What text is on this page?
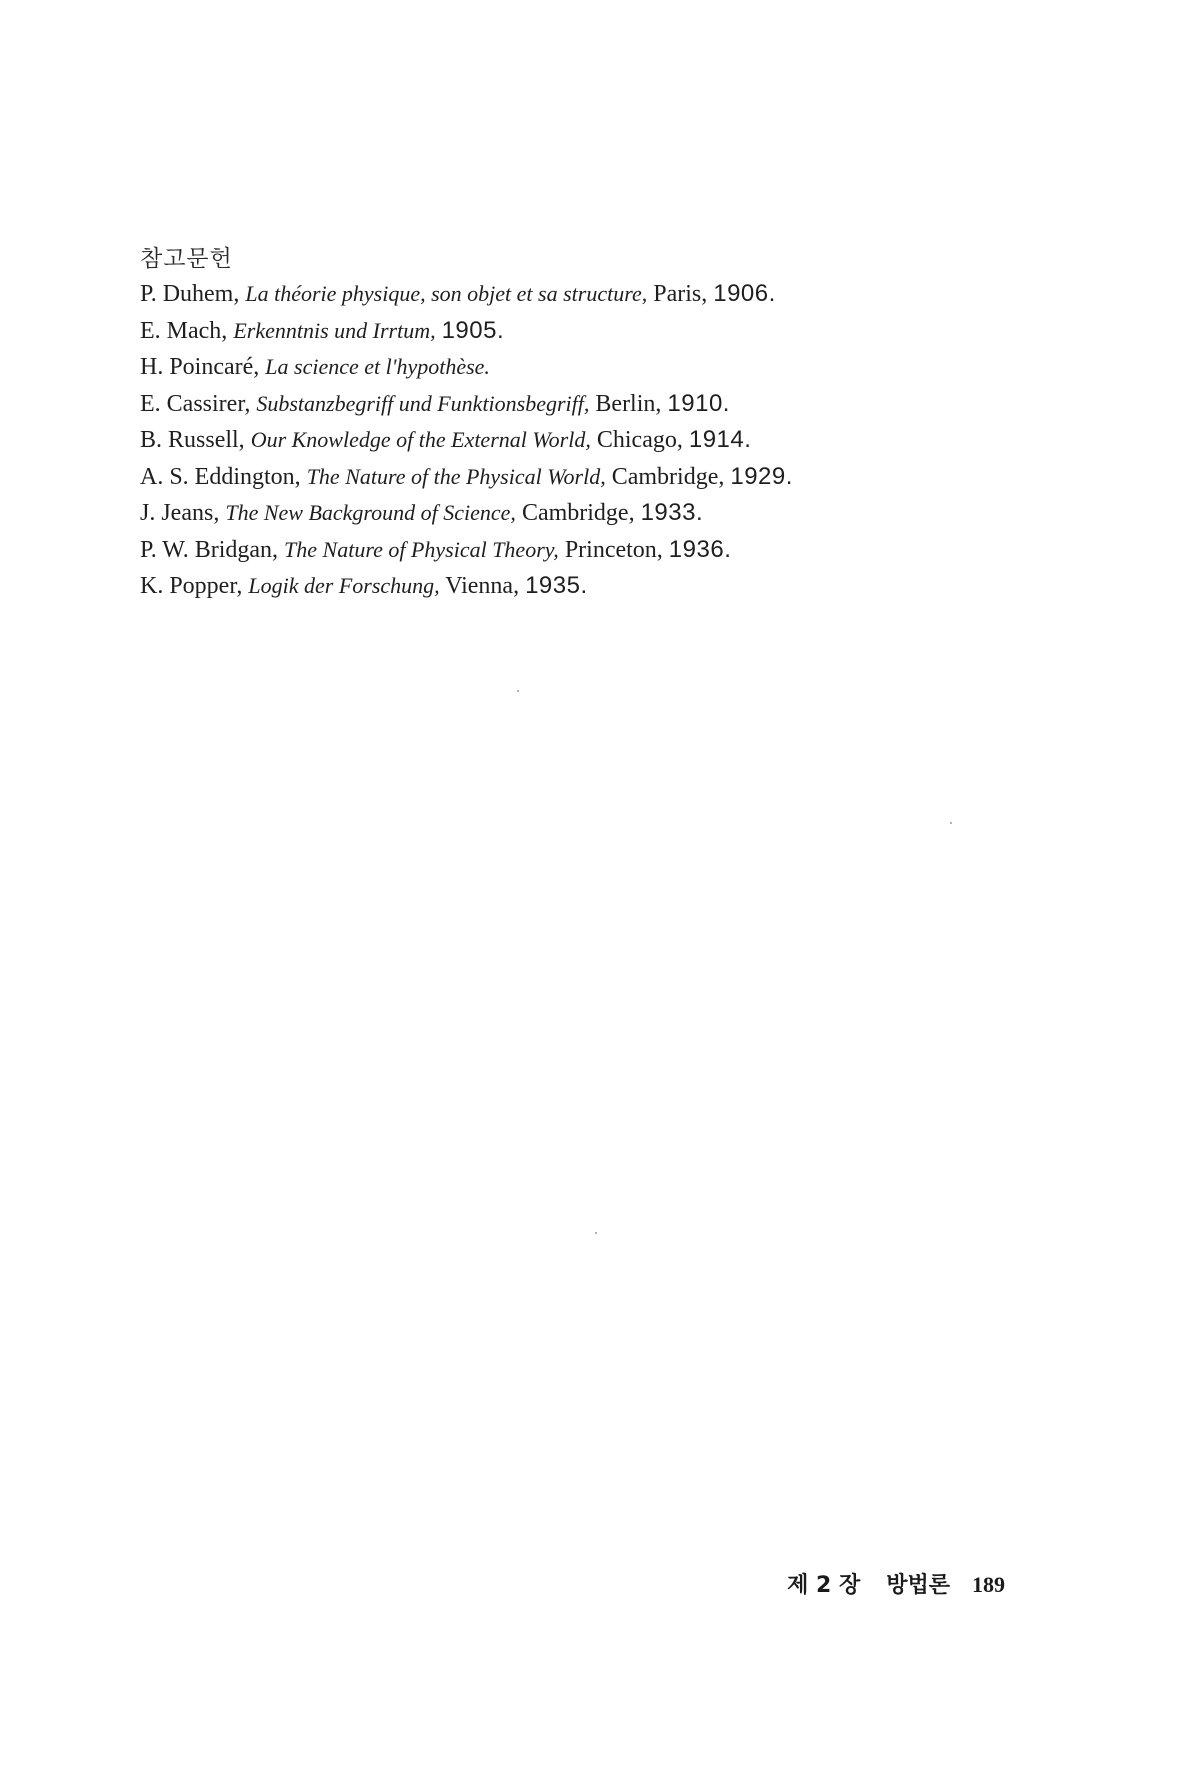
참고문헌
P. Duhem, La théorie physique, son objet et sa structure, Paris, 1906.
E. Mach, Erkenntnis und Irrtum, 1905.
H. Poincaré, La science et l'hypothèse.
E. Cassirer, Substanzbegriff und Funktionsbegriff, Berlin, 1910.
B. Russell, Our Knowledge of the External World, Chicago, 1914.
A. S. Eddington, The Nature of the Physical World, Cambridge, 1929.
J. Jeans, The New Background of Science, Cambridge, 1933.
P. W. Bridgan, The Nature of Physical Theory, Princeton, 1936.
K. Popper, Logik der Forschung, Vienna, 1935.
제 2 장 방법론 189
